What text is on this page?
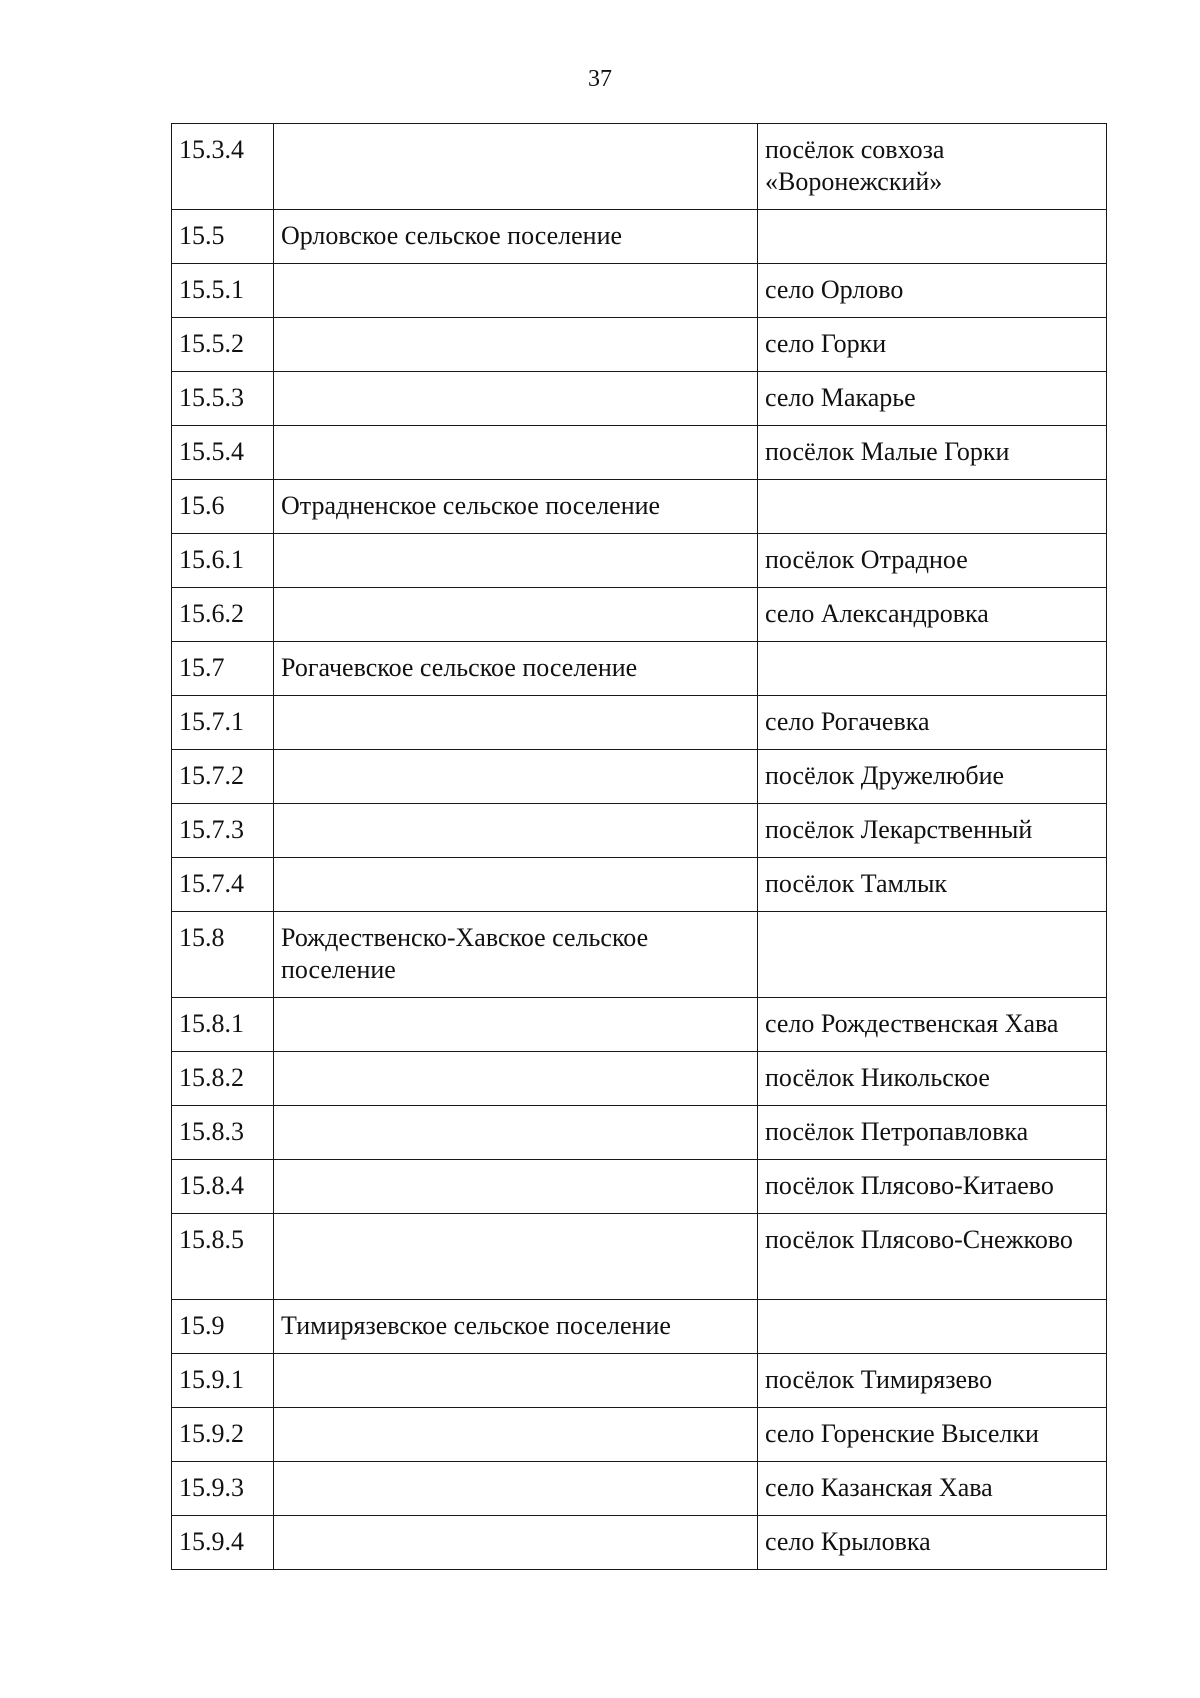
37
15.3.4		посёлок совхоза «Воронежский»
15.5	Орловское сельское поселение	
15.5.1		село Орлово
15.5.2		село Горки
15.5.3		село Макарье
15.5.4		посёлок Малые Горки
15.6	Отрадненское сельское поселение	
15.6.1		посёлок Отрадное
15.6.2		село Александровка
15.7	Рогачевское сельское поселение	
15.7.1		село Рогачевка
15.7.2		посёлок Дружелюбие
15.7.3		посёлок Лекарственный
15.7.4		посёлок Тамлык
15.8	Рождественско-Хавское сельское поселение	
15.8.1		село Рождественская Хава
15.8.2		посёлок Никольское
15.8.3		посёлок Петропавловка
15.8.4		посёлок Плясово-Китаево
15.8.5		посёлок Плясово-Снежково
15.9	Тимирязевское сельское поселение	
15.9.1		посёлок Тимирязево
15.9.2		село Горенские Выселки
15.9.3		село Казанская Хава
15.9.4		село Крыловка
